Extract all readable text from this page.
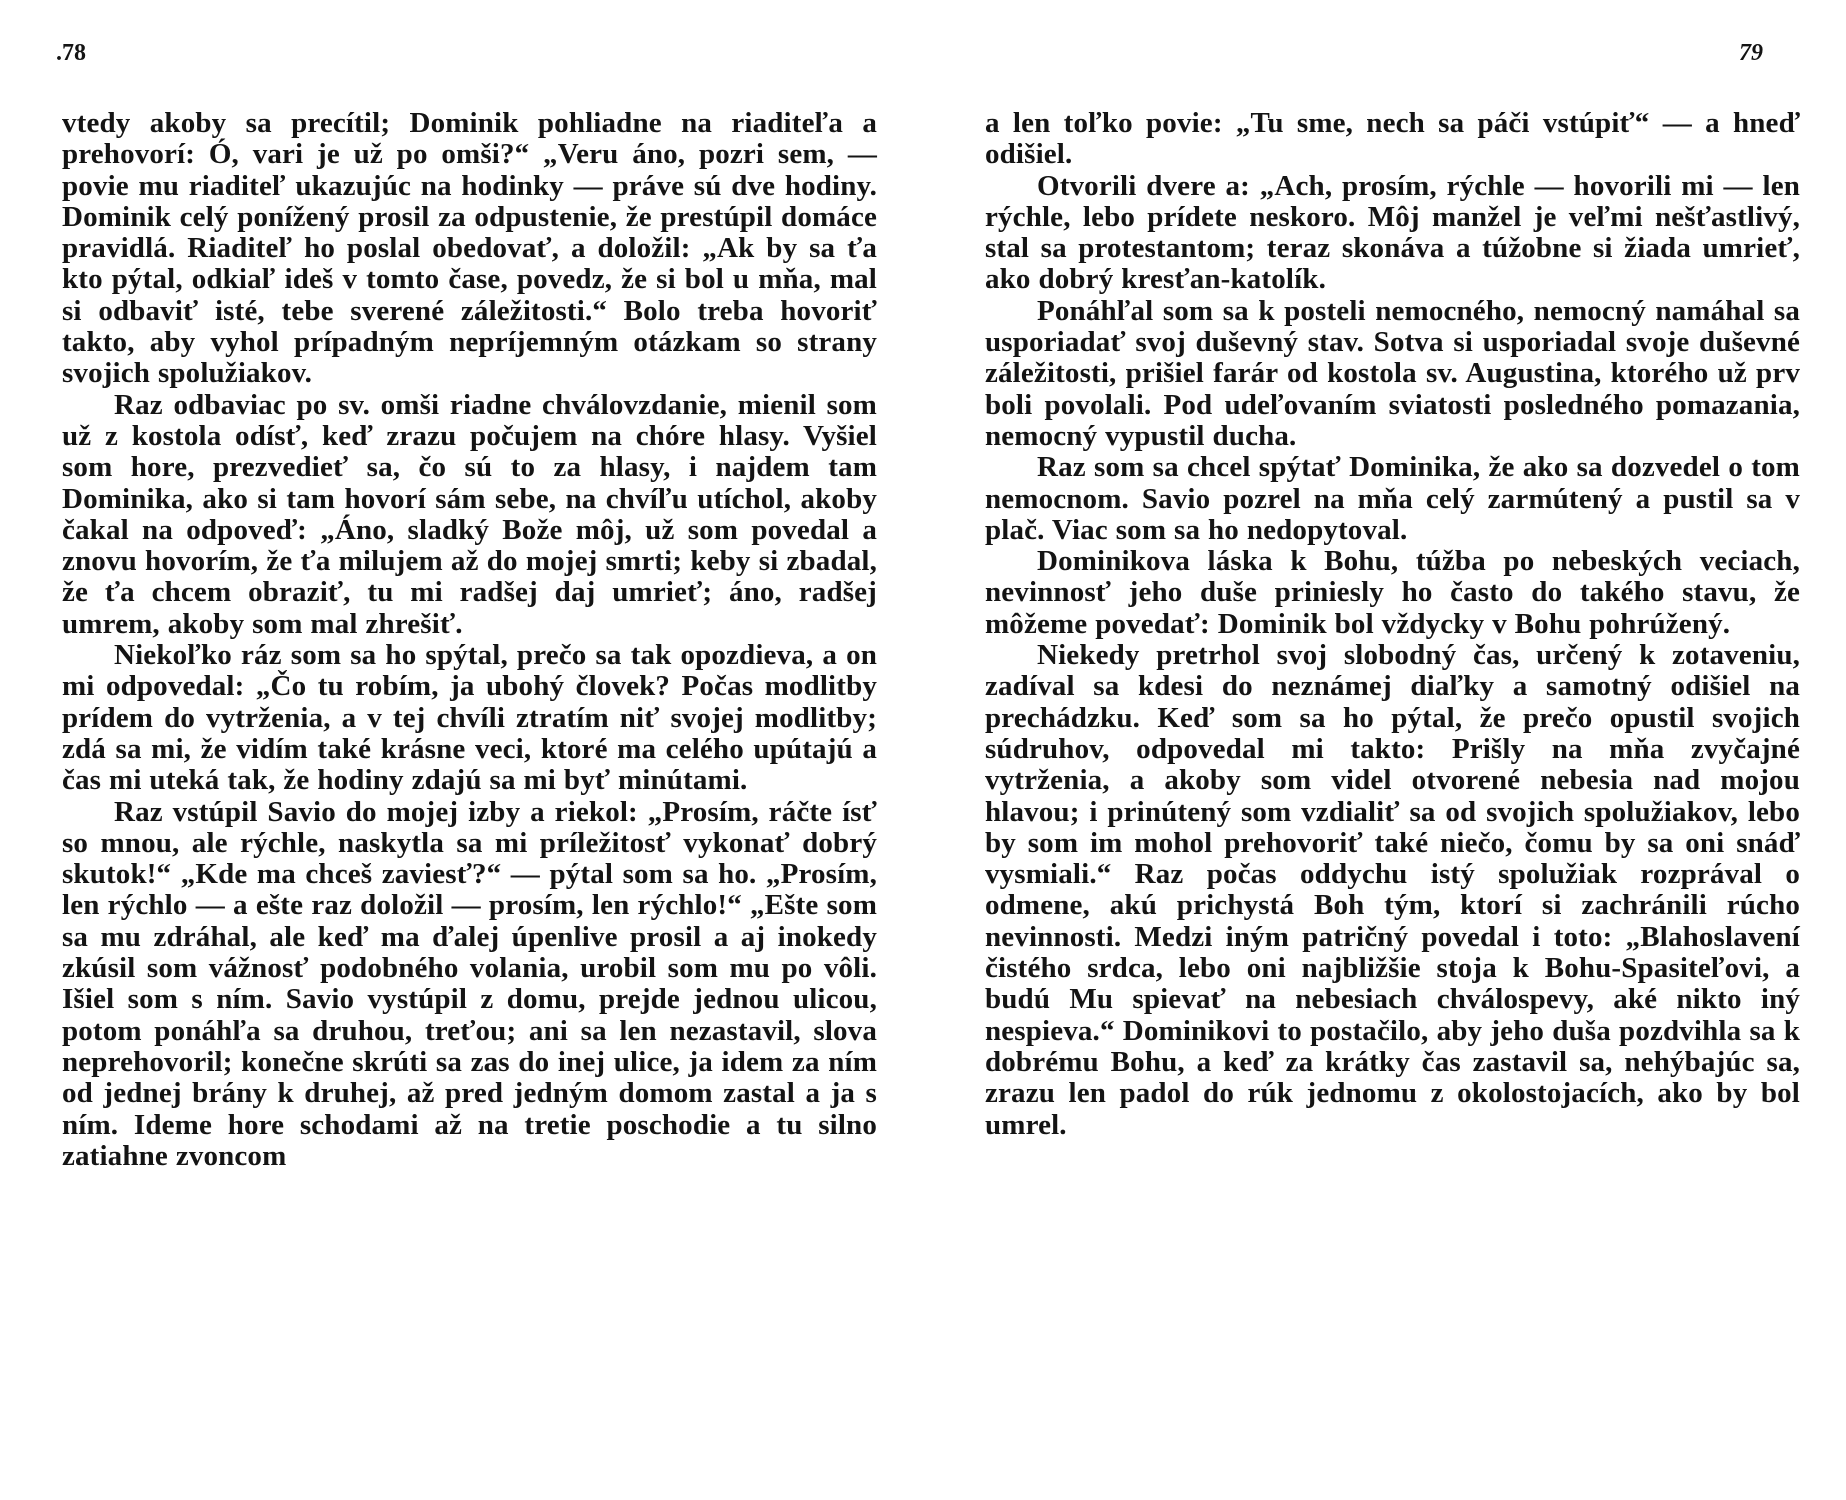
.78

vtedy akoby sa precítil; Dominik pohliadne na riaditeľa a prehovorí: Ó, vari je už po omši?“ „Veru áno, pozri sem, — povie mu riaditeľ ukazujúc na hodinky — práve sú dve hodiny. Dominik celý ponížený prosil za odpustenie, že prestúpil domáce pravidlá. Riaditeľ ho poslal obedovať, a doložil: „Ak by sa ťa kto pýtal, odkiaľ ideš v tomto čase, povedz, že si bol u mňa, mal si odbaviť isté, tebe sverené záležitosti.“ Bolo treba hovoriť takto, aby vyhol prípadným nepríjemným otázkam so strany svojich spolužiakov.

Raz odbaviac po sv. omši riadne chválovzdanie, mienil som už z kostola odísť, keď zrazu počujem na chóre hlasy. Vyšiel som hore, prezvedieť sa, čo sú to za hlasy, i najdem tam Dominika, ako si tam hovorí sám sebe, na chvíľu utíchol, akoby čakal na odpoveď: „Áno, sladký Bože môj, už som povedal a znovu hovorím, že ťa milujem až do mojej smrti; keby si zbadal, že ťa chcem obraziť, tu mi radšej daj umrieť; áno, radšej umrem, akoby som mal zhrešiť.

Niekoľko ráz som sa ho spýtal, prečo sa tak opozdieva, a on mi odpovedal: „Čo tu robím, ja ubohý človek? Počas modlitby prídem do vytrženia, a v tej chvíli ztratím niť svojej modlitby; zdá sa mi, že vidím také krásne veci, ktoré ma celého upútajú a čas mi uteká tak, že hodiny zdajú sa mi byť minútami.

Raz vstúpil Savio do mojej izby a riekol: „Prosím, ráčte ísť so mnou, ale rýchle, naskytla sa mi príležitosť vykonať dobrý skutok!“ „Kde ma chceš zaviesť?“ — pýtal som sa ho. „Prosím, len rýchlo — a ešte raz doložil — prosím, len rýchlo!“ „Ešte som sa mu zdráhal, ale keď ma ďalej úpenlive prosil a aj inokedy zkúsil som vážnosť podobného volania, urobil som mu po vôli. Išiel som s ním. Savio vystúpil z domu, prejde jednou ulicou, potom ponáhľa sa druhou, treťou; ani sa len nezastavil, slova neprehovoril; konečne skrúti sa zas do inej ulice, ja idem za ním od jednej brány k druhej, až pred jedným domom zastal a ja s ním. Ideme hore schodami až na tretie poschodie a tu silno zatiahne zvoncom

79

a len toľko povie: „Tu sme, nech sa páči vstúpiť“ — a hneď odišiel.

Otvorili dvere a: „Ach, prosím, rýchle — hovorili mi — len rýchle, lebo prídete neskoro. Môj manžel je veľmi nešťastlivý, stal sa protestantom; teraz skonáva a túžobne si žiada umrieť, ako dobrý kresťan-katolík.

Ponáhľal som sa k posteli nemocného, nemocný namáhal sa usporiadať svoj duševný stav. Sotva si usporiadal svoje duševné záležitosti, prišiel farár od kostola sv. Augustina, ktorého už prv boli povolali. Pod udeľovaním sviatosti posledného pomazania, nemocný vypustil ducha.

Raz som sa chcel spýtať Dominika, že ako sa dozvedel o tom nemocnom. Savio pozrel na mňa celý zarmútený a pustil sa v plač. Viac som sa ho nedopytoval.

Dominikova láska k Bohu, túžba po nebeských veciach, nevinnosť jeho duše priniesly ho často do takého stavu, že môžeme povedať: Dominik bol vždycky v Bohu pohrúžený.

Niekedy pretrhol svoj slobodný čas, určený k zotaveniu, zadíval sa kdesi do neznámej diaľky a samotný odišiel na prechádzku. Keď som sa ho pýtal, že prečo opustil svojich súdruhov, odpovedal mi takto: Prišly na mňa zvyčajné vytrženia, a akoby som videl otvorené nebesia nad mojou hlavou; i prinútený som vzdialiť sa od svojich spolužiakov, lebo by som im mohol prehovoriť také niečo, čomu by sa oni snáď vysmiali.“ Raz počas oddychu istý spolužiak rozprával o odmene, akú prichystá Boh tým, ktorí si zachránili rúcho nevinnosti. Medzi iným patričný povedal i toto: „Blahoslavení čistého srdca, lebo oni najbližšie stoja k Bohu-Spasiteľovi, a budú Mu spievať na nebesiach chválospevy, aké nikto iný nespieva.“ Dominikovi to postačilo, aby jeho duša pozdvihla sa k dobrému Bohu, a keď za krátky čas zastavil sa, nehýbajúc sa, zrazu len padol do rúk jednomu z okolostojacích, ako by bol umrel.
